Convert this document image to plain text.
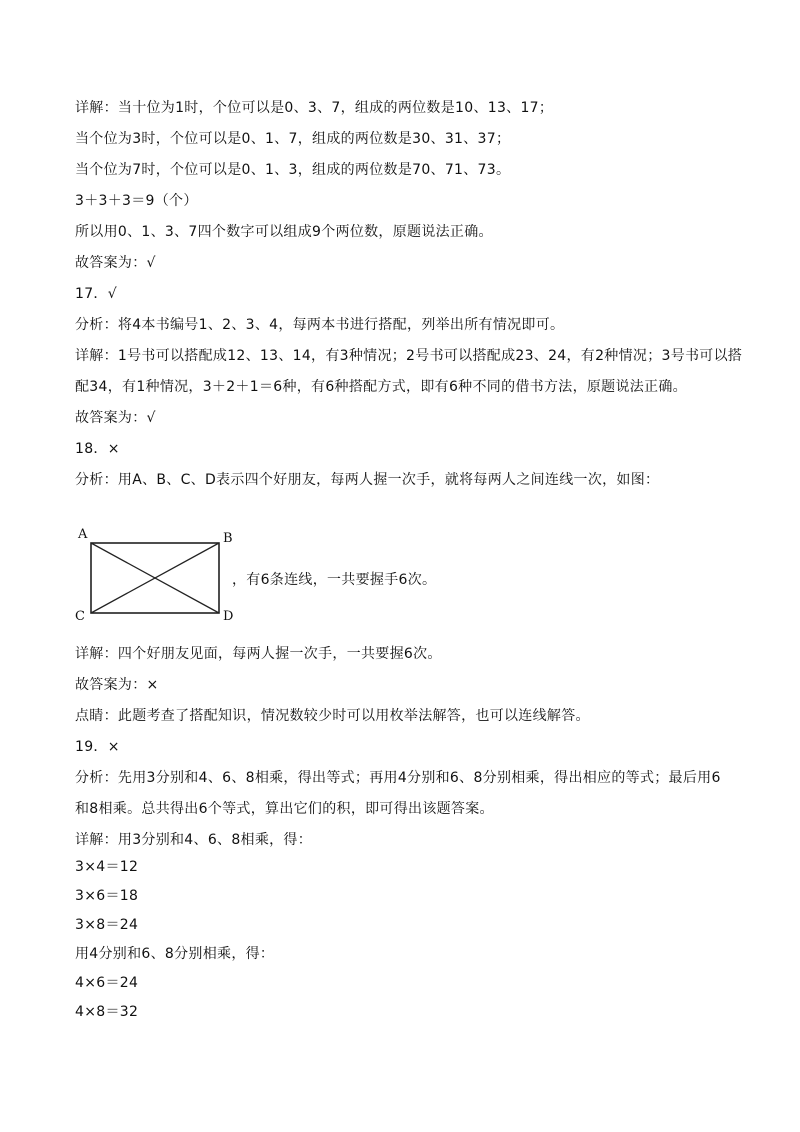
详解：当十位为1时，个位可以是0、3、7，组成的两位数是10、13、17；
当个位为3时，个位可以是0、1、7，组成的两位数是30、31、37；
当个位为7时，个位可以是0、1、3，组成的两位数是70、71、73。
3＋3＋3＝9（个）
所以用0、1、3、7四个数字可以组成9个两位数，原题说法正确。
故答案为：√
17．√
分析：将4本书编号1、2、3、4，每两本书进行搭配，列举出所有情况即可。
详解：1号书可以搭配成12、13、14，有3种情况；2号书可以搭配成23、24，有2种情况；3号书可以搭
配34，有1种情况，3＋2＋1＝6种，有6种搭配方式，即有6种不同的借书方法，原题说法正确。
故答案为：√
18．×
分析：用A、B、C、D表示四个好朋友，每两人握一次手，就将每两人之间连线一次，如图：
A	B
C	D
，有6条连线，一共要握手6次。
详解：四个好朋友见面，每两人握一次手，一共要握6次。
故答案为：×
点睛：此题考查了搭配知识，情况数较少时可以用枚举法解答，也可以连线解答。
19．×
分析：先用3分别和4、6、8相乘，得出等式；再用4分别和6、8分别相乘，得出相应的等式；最后用6
和8相乘。总共得出6个等式，算出它们的积，即可得出该题答案。
详解：用3分别和4、6、8相乘，得：
3×4＝12
3×6＝18
3×8＝24
用4分别和6、8分别相乘，得：
4×6＝24
4×8＝32
